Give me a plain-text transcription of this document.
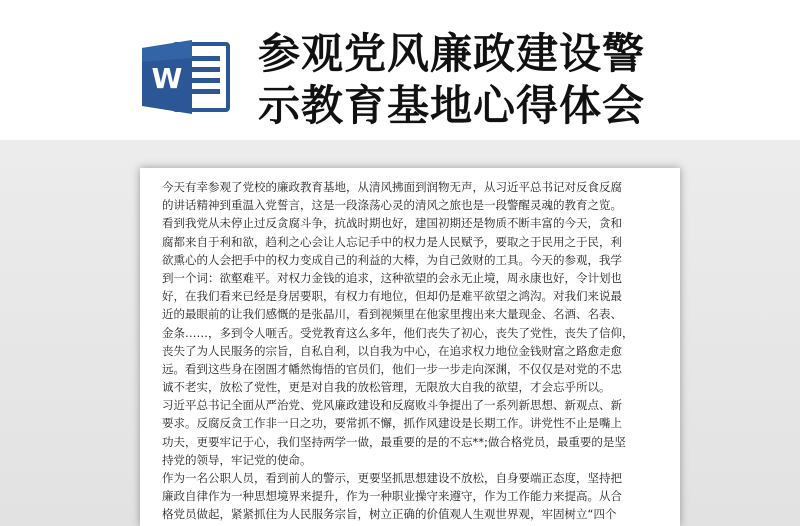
W
参观党风廉政建设警
示教育基地心得体会
今天有幸参观了党校的廉政教育基地，从清风拂面到润物无声，从习近平总书记对反食反腐
的讲话精神到重温入党誓言，这是一段涤荡心灵的清风之旅也是一段警醒灵魂的教育之览。
看到我党从未停止过反贪腐斗争，抗战时期也好，建国初期还是物质不断丰富的今天，贪和
腐都来自于利和欲，趋利之心会让人忘记手中的权力是人民赋予，要取之于民用之于民，利
欲熏心的人会把手中的权力变成自己的利益的大棒，为自己敛财的工具。今天的参观，我学
到一个词：欲壑难平。对权力金钱的追求，这种欲望的会永无止境，周永康也好，令计划也
好，在我们看来已经是身居要职，有权力有地位，但却仍是难平欲望之鸿沟。对我们来说最
近的最眼前的让我们感慨的是张晶川，看到视频里在他家里搜出来大量现金、名酒、名表、
金条……，多到令人咂舌。受党教育这么多年，他们丧失了初心，丧失了党性，丧失了信仰，
丧失了为人民服务的宗旨，自私自利，以自我为中心，在追求权力地位金钱财富之路愈走愈
远。看到这些身在囹圄才幡然悔悟的官员们，他们一步一步走向深渊，不仅仅是对党的不忠
诚不老实，放松了党性，更是对自我的放松管理，无限放大自我的欲望，才会忘乎所以。
习近平总书记全面从严治党、党风廉政建设和反腐败斗争提出了一系列新思想、新观点、新
要求。反腐反贪工作非一日之功，要常抓不懈，抓作风建设是长期工作。讲党性不止是嘴上
功夫，更要牢记于心，我们坚持两学一做，最重要的是的不忘**;做合格党员，最重要的是坚
持党的领导，牢记党的使命。
作为一名公职人员，看到前人的警示，更要坚抓思想建设不放松，自身要端正态度，坚持把
廉政自律作为一种思想境界来提升，作为一种职业操守来遵守，作为工作能力来提高。从合
格党员做起，紧紧抓住为人民服务宗旨，树立正确的价值观人生观世界观，牢固树立“四个
